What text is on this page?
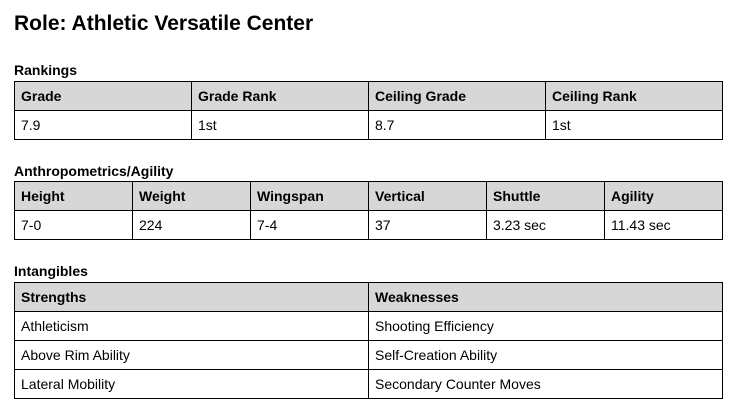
Role: Athletic Versatile Center
Rankings
Grade	Grade Rank	Ceiling Grade	Ceiling Rank
7.9	1st	8.7	1st
Anthropometrics/Agility
Height	Weight	Wingspan	Vertical	Shuttle	Agility
7-0	224	7-4	37	3.23 sec	11.43 sec
Intangibles
Strengths	Weaknesses
Athleticism	Shooting Efficiency
Above Rim Ability	Self-Creation Ability
Lateral Mobility	Secondary Counter Moves
